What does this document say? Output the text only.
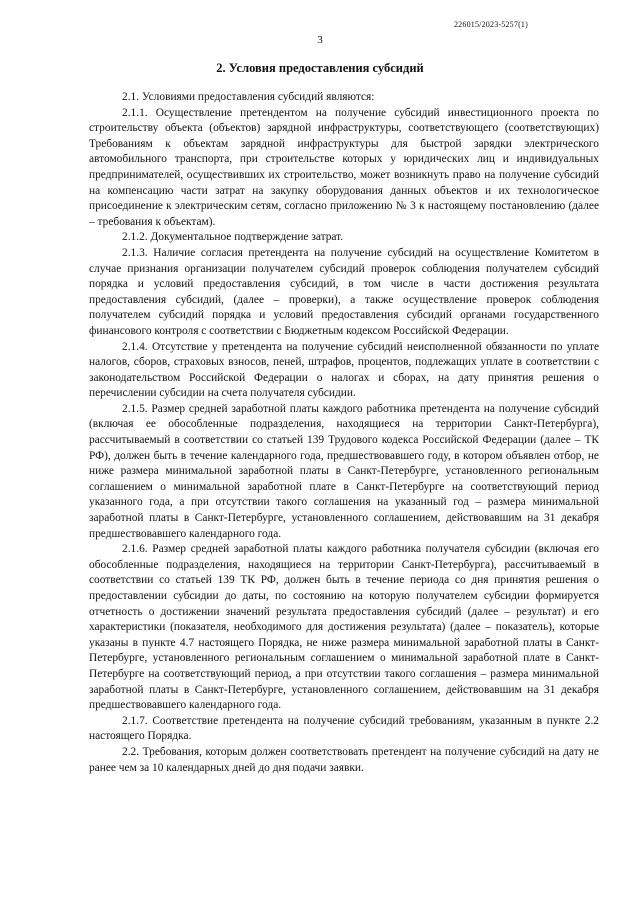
226015/2023-5257(1)
3
2. Условия предоставления субсидий

2.1. Условиями предоставления субсидий являются:

2.1.1. Осуществление претендентом на получение субсидий инвестиционного проекта по строительству объекта (объектов) зарядной инфраструктуры, соответствующего (соответствующих) Требованиям к объектам зарядной инфраструктуры для быстрой зарядки электрического автомобильного транспорта, при строительстве которых у юридических лиц и индивидуальных предпринимателей, осуществивших их строительство, может возникнуть право на получение субсидий на компенсацию части затрат на закупку оборудования данных объектов и их технологическое присоединение к электрическим сетям, согласно приложению № 3 к настоящему постановлению (далее – требования к объектам).

2.1.2. Документальное подтверждение затрат.

2.1.3. Наличие согласия претендента на получение субсидий на осуществление Комитетом в случае признания организации получателем субсидий проверок соблюдения получателем субсидий порядка и условий предоставления субсидий, в том числе в части достижения результата предоставления субсидий, (далее – проверки), а также осуществление проверок соблюдения получателем субсидий порядка и условий предоставления субсидий органами государственного финансового контроля с соответствии с Бюджетным кодексом Российской Федерации.

2.1.4. Отсутствие у претендента на получение субсидий неисполненной обязанности по уплате налогов, сборов, страховых взносов, пеней, штрафов, процентов, подлежащих уплате в соответствии с законодательством Российской Федерации о налогах и сборах, на дату принятия решения о перечислении субсидии на счета получателя субсидии.

2.1.5. Размер средней заработной платы каждого работника претендента на получение субсидий (включая ее обособленные подразделения, находящиеся на территории Санкт-Петербурга), рассчитываемый в соответствии со статьей 139 Трудового кодекса Российской Федерации (далее – ТК РФ), должен быть в течение календарного года, предшествовавшего году, в котором объявлен отбор, не ниже размера минимальной заработной платы в Санкт-Петербурге, установленного региональным соглашением о минимальной заработной плате в Санкт-Петербурге на соответствующий период указанного года, а при отсутствии такого соглашения на указанный год – размера минимальной заработной платы в Санкт-Петербурге, установленного соглашением, действовавшим на 31 декабря предшествовавшего календарного года.

2.1.6. Размер средней заработной платы каждого работника получателя субсидии (включая его обособленные подразделения, находящиеся на территории Санкт-Петербурга), рассчитываемый в соответствии со статьей 139 ТК РФ, должен быть в течение периода со дня принятия решения о предоставлении субсидии до даты, по состоянию на которую получателем субсидии формируется отчетность о достижении значений результата предоставления субсидий (далее – результат) и его характеристики (показателя, необходимого для достижения результата) (далее – показатель), которые указаны в пункте 4.7 настоящего Порядка, не ниже размера минимальной заработной платы в Санкт-Петербурге, установленного региональным соглашением о минимальной заработной плате в Санкт-Петербурге на соответствующий период, а при отсутствии такого соглашения – размера минимальной заработной платы в Санкт-Петербурге, установленного соглашением, действовавшим на 31 декабря предшествовавшего календарного года.

2.1.7. Соответствие претендента на получение субсидий требованиям, указанным в пункте 2.2 настоящего Порядка.

2.2. Требования, которым должен соответствовать претендент на получение субсидий на дату не ранее чем за 10 календарных дней до дня подачи заявки.
